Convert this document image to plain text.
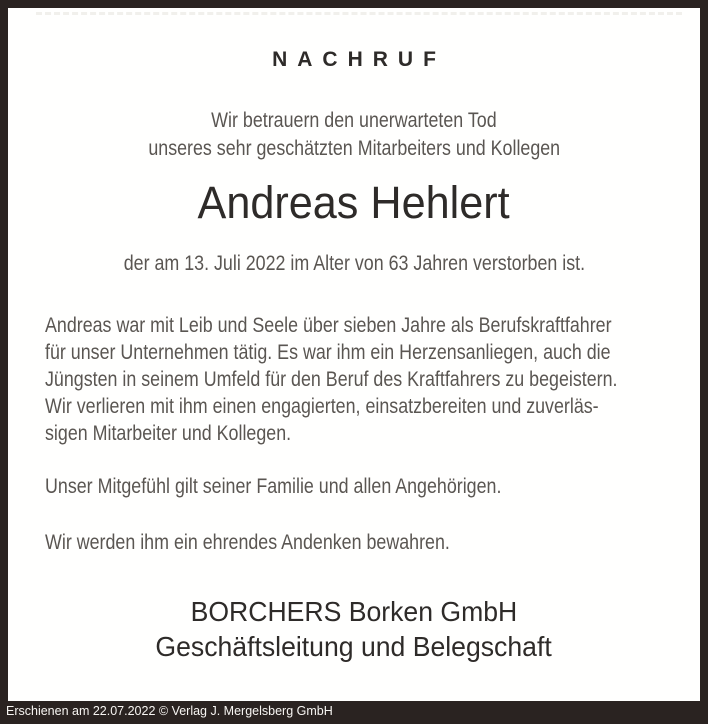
NACHRUF
Wir betrauern den unerwarteten Tod
unseres sehr geschätzten Mitarbeiters und Kollegen
Andreas Hehlert
der am 13. Juli 2022 im Alter von 63 Jahren verstorben ist.
Andreas war mit Leib und Seele über sieben Jahre als Berufskraftfahrer
für unser Unternehmen tätig. Es war ihm ein Herzensanliegen, auch die
Jüngsten in seinem Umfeld für den Beruf des Kraftfahrers zu begeistern.
Wir verlieren mit ihm einen engagierten, einsatzbereiten und zuverläs-
sigen Mitarbeiter und Kollegen.
Unser Mitgefühl gilt seiner Familie und allen Angehörigen.
Wir werden ihm ein ehrendes Andenken bewahren.
BORCHERS Borken GmbH
Geschäftsleitung und Belegschaft
Erschienen am 22.07.2022 © Verlag J. Mergelsberg GmbH
